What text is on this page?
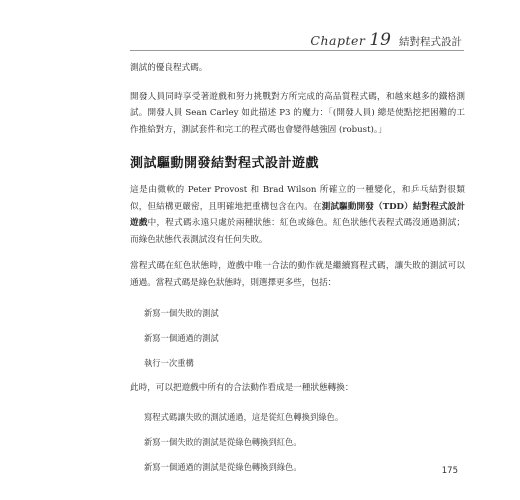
Chapter 19 結對程式設計

測試的優良程式碼。

開發人員同時享受著遊戲和努力挑戰對方所完成的高品質程式碼，和越來越多的鐵格測試。開發人員 Sean Carley 如此描述 P3 的魔力：「(開發人員) 總是使點挖把困難的工作推給對方，測試套件和完工的程式碼也會變得越強固 (robust)。」

測試驅動開發結對程式設計遊戲

這是由微軟的 Peter Provost 和 Brad Wilson 所確立的一種變化，和乒乓結對很類似，但結構更嚴密，且明確地把重構包含在內。在測試驅動開發（TDD）結對程式設計遊戲中，程式碼永遠只處於兩種狀態：紅色或綠色。紅色狀態代表程式碼沒通過測試；而綠色狀態代表測試沒有任何失敗。

當程式碼在紅色狀態時，遊戲中唯一合法的動作就是繼續寫程式碼，讓失敗的測試可以通過。當程式碼是綠色狀態時，則選擇更多些，包括：

新寫一個失敗的測試

新寫一個通過的測試

執行一次重構

此時，可以把遊戲中所有的合法動作看成是一種狀態轉換：

寫程式碼讓失敗的測試通過，這是從紅色轉換到綠色。

新寫一個失敗的測試是從綠色轉換到紅色。

新寫一個通過的測試是從綠色轉換到綠色。	175
